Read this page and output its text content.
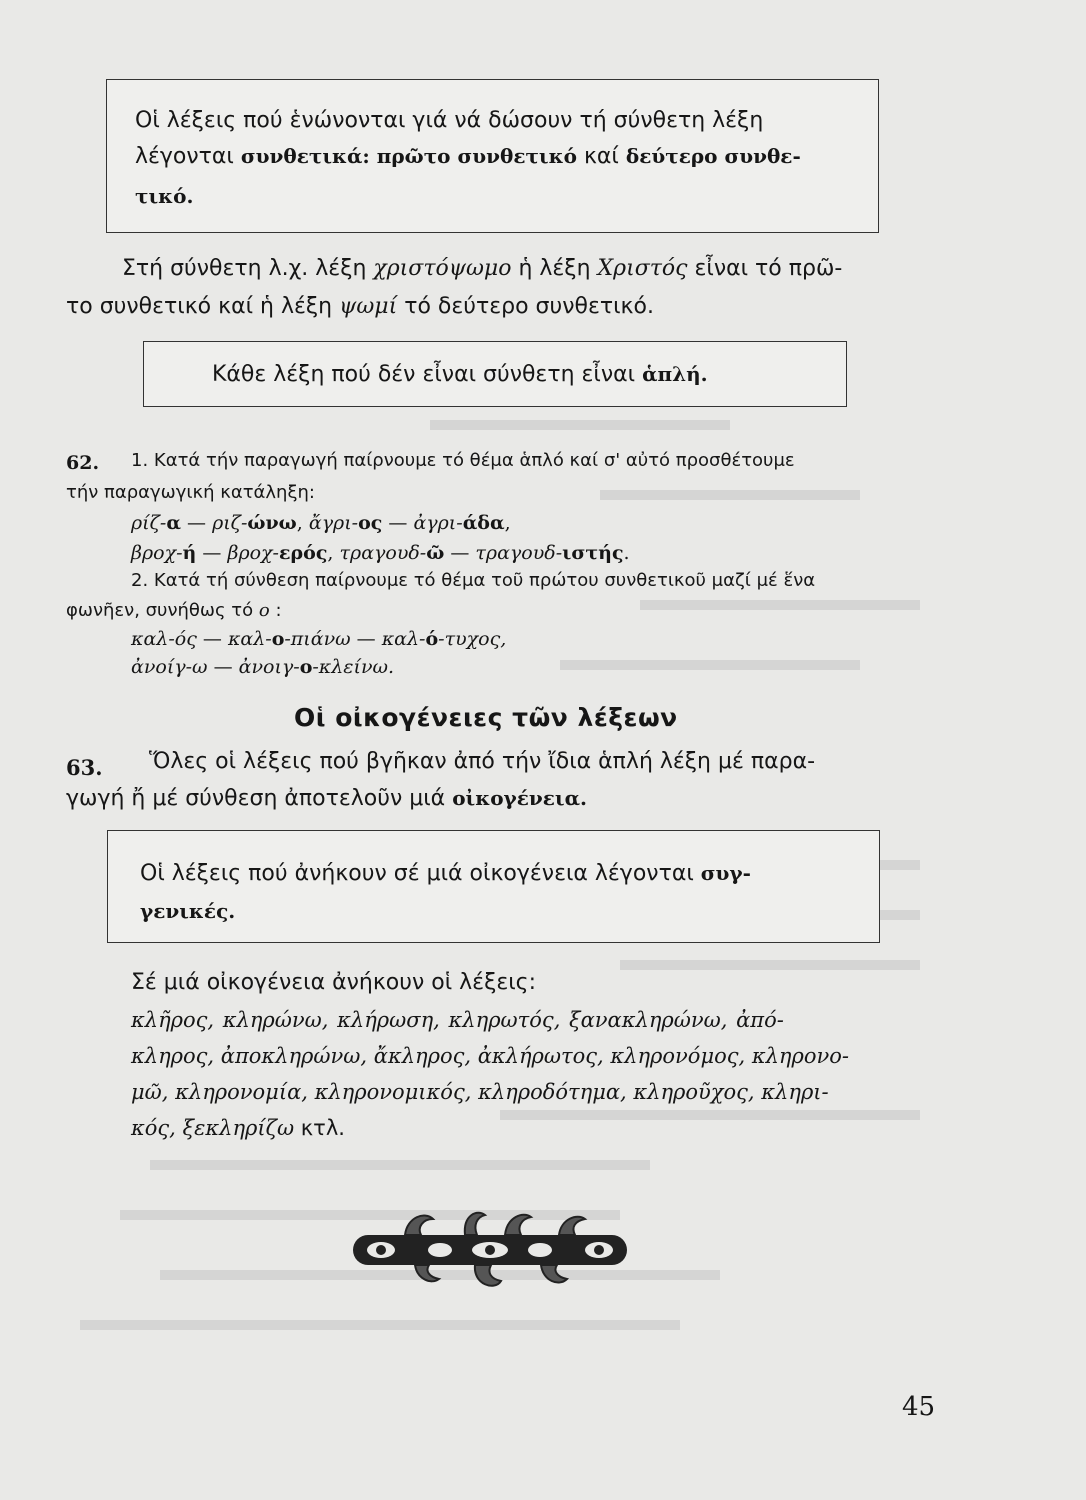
Οἱ λέξεις πού ἑνώνονται γιά νά δώσουν τή σύνθετη λέξη
λέγονται συνθετικά: πρῶτο συνθετικό καί δεύτερο συνθε-
τικό.
Στή σύνθετη λ.χ. λέξη χριστόψωμο ἡ λέξη Χριστός εἶναι τό πρῶ-
το συνθετικό καί ἡ λέξη ψωμί τό δεύτερο συνθετικό.
Κάθε λέξη πού δέν εἶναι σύνθετη εἶναι ἁπλή.
62. 1. Κατά τήν παραγωγή παίρνουμε τό θέμα ἁπλό καί σ' αὐτό προσθέτουμε
τήν παραγωγική κατάληξη:
ρίζ-α — ριζ-ώνω, ἄγρι-ος — ἀγρι-άδα,
βροχ-ή — βροχ-ερός, τραγουδ-ῶ — τραγουδ-ιστής.
2. Κατά τή σύνθεση παίρνουμε τό θέμα τοῦ πρώτου συνθετικοῦ μαζί μέ ἕνα
φωνῆεν, συνήθως τό ο :
καλ-ός — καλ-ο-πιάνω — καλ-ό-τυχος,
ἀνοίγ-ω — ἀνοιγ-ο-κλείνω.
Οἱ οἰκογένειες τῶν λέξεων
63. Ὅλες οἱ λέξεις πού βγῆκαν ἀπό τήν ἴδια ἁπλή λέξη μέ παρα-
γωγή ἤ μέ σύνθεση ἀποτελοῦν μιά οἰκογένεια.
Οἱ λέξεις πού ἀνήκουν σέ μιά οἰκογένεια λέγονται συγ-
γενικές.
Σέ μιά οἰκογένεια ἀνήκουν οἱ λέξεις:
κλῆρος, κληρώνω, κλήρωση, κληρωτός, ξανακληρώνω, ἀπό-
κληρος, ἀποκληρώνω, ἄκληρος, ἀκλήρωτος, κληρονόμος, κληρονο-
μῶ, κληρονομία, κληρονομικός, κληροδότημα, κληροῦχος, κληρι-
κός, ξεκληρίζω κτλ.
45
